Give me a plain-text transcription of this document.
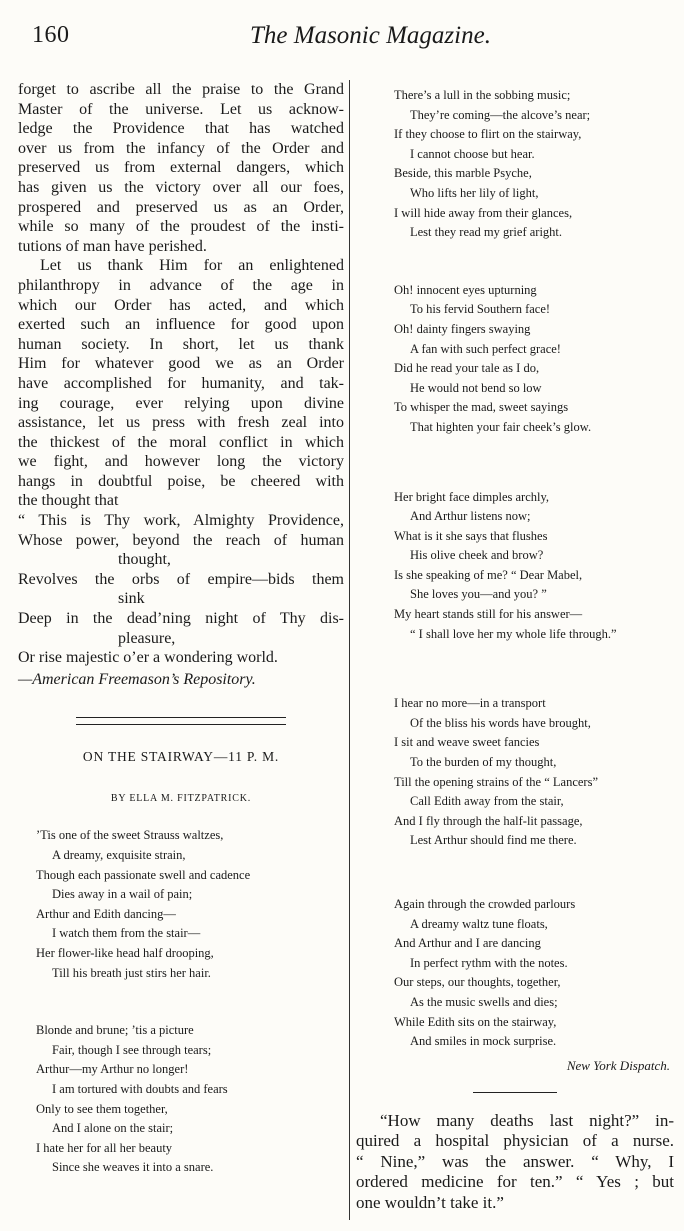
160	The Masonic Magazine.
forget to ascribe all the praise to the Grand
Master of the universe. Let us acknow-
ledge the Providence that has watched
over us from the infancy of the Order and
preserved us from external dangers, which
has given us the victory over all our foes,
prospered and preserved us as an Order,
while so many of the proudest of the insti-
tutions of man have perished.
Let us thank Him for an enlightened
philanthropy in advance of the age in
which our Order has acted, and which
exerted such an influence for good upon
human society. In short, let us thank
Him for whatever good we as an Order
have accomplished for humanity, and tak-
ing courage, ever relying upon divine
assistance, let us press with fresh zeal into
the thickest of the moral conflict in which
we fight, and however long the victory
hangs in doubtful poise, be cheered with
the thought that
“ This is Thy work, Almighty Providence,
Whose power, beyond the reach of human
thought,
Revolves the orbs of empire—bids them
sink
Deep in the dead’ning night of Thy dis-
pleasure,
Or rise majestic o’er a wondering world.
—American Freemason’s Repository.
ON THE STAIRWAY—11 P. M.
BY ELLA M. FITZPATRICK.
’Tis one of the sweet Strauss waltzes,
A dreamy, exquisite strain,
Though each passionate swell and cadence
Dies away in a wail of pain;
Arthur and Edith dancing—
I watch them from the stair—
Her flower-like head half drooping,
Till his breath just stirs her hair.
Blonde and brune; ’tis a picture
Fair, though I see through tears;
Arthur—my Arthur no longer!
I am tortured with doubts and fears
Only to see them together,
And I alone on the stair;
I hate her for all her beauty
Since she weaves it into a snare.
There’s a lull in the sobbing music;
They’re coming—the alcove’s near;
If they choose to flirt on the stairway,
I cannot choose but hear.
Beside, this marble Psyche,
Who lifts her lily of light,
I will hide away from their glances,
Lest they read my grief aright.
Oh! innocent eyes upturning
To his fervid Southern face!
Oh! dainty fingers swaying
A fan with such perfect grace!
Did he read your tale as I do,
He would not bend so low
To whisper the mad, sweet sayings
That highten your fair cheek’s glow.
Her bright face dimples archly,
And Arthur listens now;
What is it she says that flushes
His olive cheek and brow?
Is she speaking of me? “ Dear Mabel,
She loves you—and you? ”
My heart stands still for his answer—
“ I shall love her my whole life through.”
I hear no more—in a transport
Of the bliss his words have brought,
I sit and weave sweet fancies
To the burden of my thought,
Till the opening strains of the “ Lancers”
Call Edith away from the stair,
And I fly through the half-lit passage,
Lest Arthur should find me there.
Again through the crowded parlours
A dreamy waltz tune floats,
And Arthur and I are dancing
In perfect rythm with the notes.
Our steps, our thoughts, together,
As the music swells and dies;
While Edith sits on the stairway,
And smiles in mock surprise.
New York Dispatch.
“How many deaths last night?” in-
quired a hospital physician of a nurse.
“ Nine,” was the answer. “ Why, I
ordered medicine for ten.” “ Yes ; but
one wouldn’t take it.”
